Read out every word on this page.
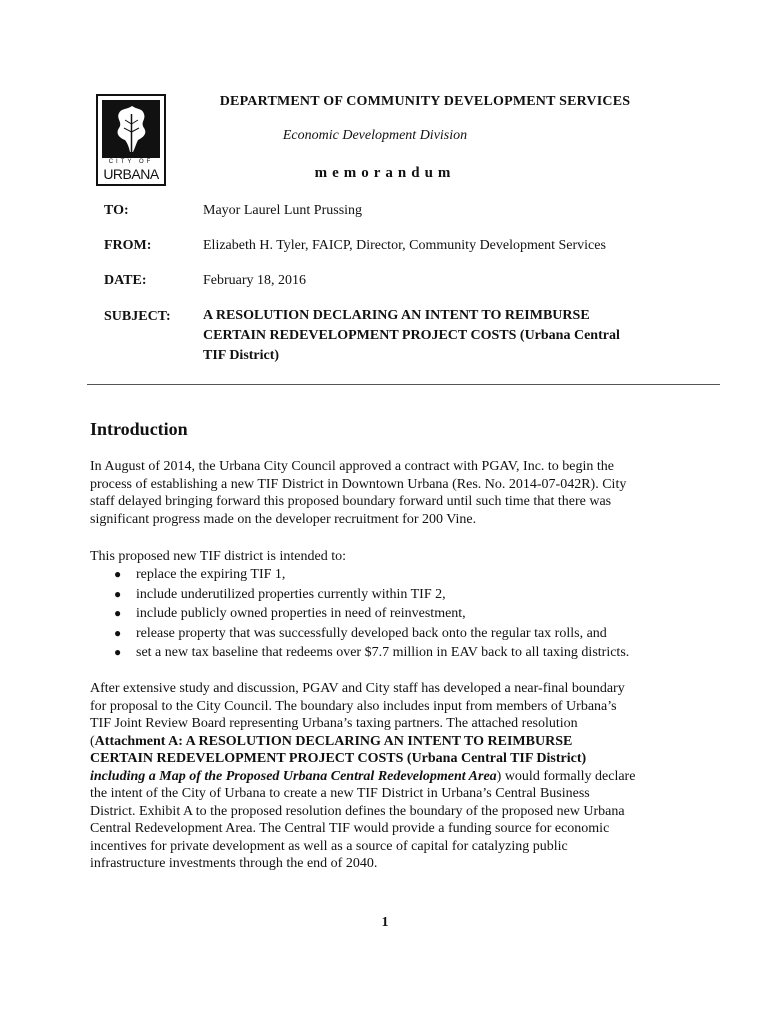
CITY OF
URBANA
DEPARTMENT OF COMMUNITY DEVELOPMENT SERVICES
Economic Development Division
memorandum
TO:	Mayor Laurel Lunt Prussing
FROM:	Elizabeth H. Tyler, FAICP, Director, Community Development Services
DATE:	February 18, 2016
SUBJECT: A RESOLUTION DECLARING AN INTENT TO REIMBURSE
CERTAIN REDEVELOPMENT PROJECT COSTS (Urbana Central
TIF District)
Introduction
In August of 2014, the Urbana City Council approved a contract with PGAV, Inc. to begin the
process of establishing a new TIF District in Downtown Urbana (Res. No. 2014-07-042R). City
staff delayed bringing forward this proposed boundary forward until such time that there was
significant progress made on the developer recruitment for 200 Vine.
This proposed new TIF district is intended to:
● replace the expiring TIF 1,
● include underutilized properties currently within TIF 2,
● include publicly owned properties in need of reinvestment,
● release property that was successfully developed back onto the regular tax rolls, and
● set a new tax baseline that redeems over $7.7 million in EAV back to all taxing districts.
After extensive study and discussion, PGAV and City staff has developed a near-final boundary
for proposal to the City Council. The boundary also includes input from members of Urbana’s
TIF Joint Review Board representing Urbana’s taxing partners. The attached resolution
(Attachment A: A RESOLUTION DECLARING AN INTENT TO REIMBURSE
CERTAIN REDEVELOPMENT PROJECT COSTS (Urbana Central TIF District)
including a Map of the Proposed Urbana Central Redevelopment Area) would formally declare
the intent of the City of Urbana to create a new TIF District in Urbana’s Central Business
District. Exhibit A to the proposed resolution defines the boundary of the proposed new Urbana
Central Redevelopment Area. The Central TIF would provide a funding source for economic
incentives for private development as well as a source of capital for catalyzing public
infrastructure investments through the end of 2040.
1
